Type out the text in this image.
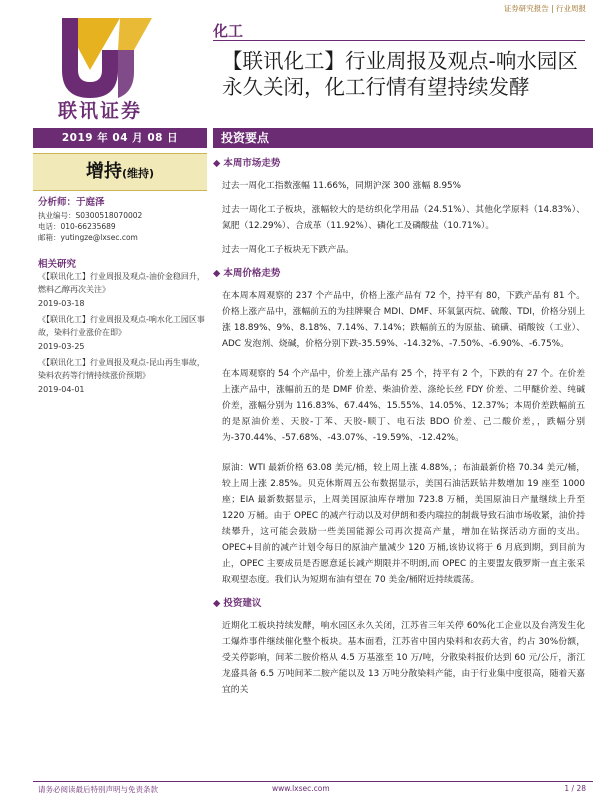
证券研究报告 | 行业周报
联讯证券
化工
【联讯化工】行业周报及观点-响水园区永久关闭，化工行情有望持续发酵
2019 年 04 月 08 日	投资要点
增持(维持)
分析师：于庭泽
执业编号：S0300518070002
电话：010-66235689
邮箱：yutingze@lxsec.com
相关研究
《【联讯化工】行业周报及观点-油价金稳回升，燃料乙醇再次关注》
2019-03-18
《【联讯化工】行业周报及观点-响水化工园区事故，染料行业涨价在即》
2019-03-25
《【联讯化工】行业周报及观点-昆山再生事故，染料农药等行情持续涨价预期》
2019-04-01
◆ 本周市场走势
过去一周化工指数涨幅 11.66%，同期沪深 300 涨幅 8.95%
过去一周化工子板块，涨幅较大的是纺织化学用品（24.51%）、其他化学原料（14.83%）、氮肥（12.29%）、合成革（11.92%）、磷化工及磷酸盐（10.71%）。
过去一周化工子板块无下跌产品。
◆ 本周价格走势
在本周本周观察的 237 个产品中，价格上涨产品有 72 个，持平有 80，下跌产品有 81 个。价格上涨产品中，涨幅前五的为挂牌聚合 MDI、DMF、环氧氯丙烷、硫酸、TDI，价格分别上涨 18.89%、9%、8.18%、7.14%、7.14%；跌幅前五的为原盐、硫磺、硝酸铵（工业）、ADC 发泡剂、烧碱，价格分别下跌-35.59%、-14.32%、-7.50%、-6.90%、-6.75%。
在本周观察的 54 个产品中，价差上涨产品有 25 个，持平有 2 个，下跌的有 27 个。在价差上涨产品中，涨幅前五的是 DMF 价差、柴油价差、涤纶长丝 FDY 价差、二甲醚价差、纯碱价差，涨幅分别为 116.83%、67.44%、15.55%、14.05%、12.37%；本周价差跌幅前五的是原油价差、天胶-丁苯、天胶-顺丁、电石法 BDO 价差、己二酸价差，，跌幅分别为-370.44%、-57.68%、-43.07%、-19.59%、-12.42%。
原油：WTI 最新价格 63.08 美元/桶，较上周上涨 4.88%，；布油最新价格 70.34 美元/桶，较上周上涨 2.85%。贝克休斯周五公布数据显示，美国石油活跃钻井数增加 19 座至 1000 座；EIA 最新数据显示，上周美国原油库存增加 723.8 万桶，美国原油日产量继续上升至 1220 万桶。由于 OPEC 的减产行动以及对伊朗和委内瑞拉的制裁导致石油市场收紧，油价持续攀升，这可能会鼓励一些美国能源公司再次提高产量，增加在钻探活动方面的支出。OPEC+目前的减产计划令每日的原油产量减少 120 万桶,该协议将于 6 月底到期，到目前为止，OPEC 主要成员是否愿意延长减产期限并不明朗,而 OPEC 的主要盟友俄罗斯一直主张采取观望态度。我们认为短期布油有望在 70 美金/桶附近持续震荡。
◆ 投资建议
近期化工板块持续发酵，响水园区永久关闭，江苏省三年关停 60%化工企业以及台湾发生化工爆炸事件继续催化整个板块。基本面看，江苏省中国内染料和农药大省，约占 30%份额，受关停影响，间苯二胺价格从 4.5 万基涨至 10 万/吨，分散染料报价达到 60 元/公斤，浙江龙盛具备 6.5 万吨间苯二胺产能以及 13 万吨分散染料产能，由于行业集中度很高，随着天嘉宜的关
请务必阅读最后特别声明与免责条款	www.lxsec.com	1 / 28
